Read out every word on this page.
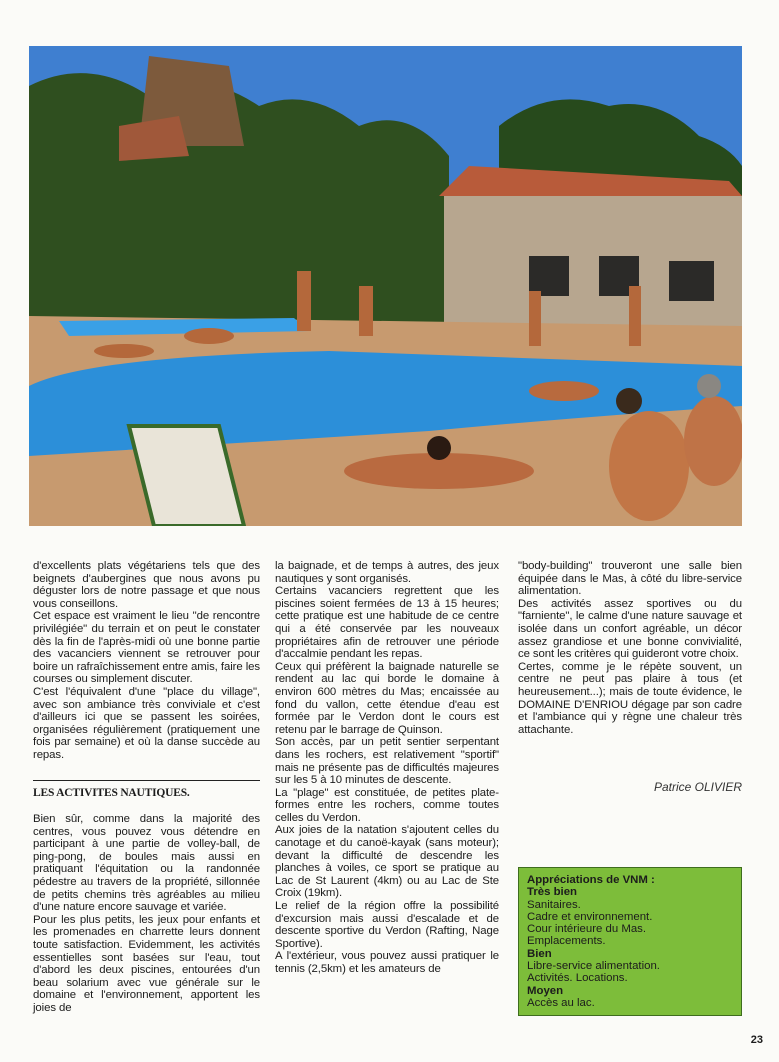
d'excellents plats végétariens tels que des beignets d'aubergines que nous avons pu déguster lors de notre passage et que nous vous conseillons.

Cet espace est vraiment le lieu "de rencontre privilégiée" du terrain et on peut le constater dès la fin de l'après-midi où une bonne partie des vacanciers viennent se retrouver pour boire un rafraîchissement entre amis, faire les courses ou simplement discuter.

C'est l'équivalent d'une "place du village", avec son ambiance très conviviale et c'est d'ailleurs ici que se passent les soirées, organisées régulièrement (pratiquement une fois par semaine) et où la danse succède au repas.

LES ACTIVITES NAUTIQUES.

Bien sûr, comme dans la majorité des centres, vous pouvez vous détendre en participant à une partie de volley-ball, de ping-pong, de boules mais aussi en pratiquant l'équitation ou la randonnée pédestre au travers de la propriété, sillonnée de petits chemins très agréables au milieu d'une nature encore sauvage et variée.

Pour les plus petits, les jeux pour enfants et les promenades en charrette leurs donnent toute satisfaction. Evidemment, les activités essentielles sont basées sur l'eau, tout d'abord les deux piscines, entourées d'un beau solarium avec vue générale sur le domaine et l'environnement, apportent les joies de

la baignade, et de temps à autres, des jeux nautiques y sont organisés.

Certains vacanciers regrettent que les piscines soient fermées de 13 à 15 heures; cette pratique est une habitude de ce centre qui a été conservée par les nouveaux propriétaires afin de retrouver une période d'accalmie pendant les repas.

Ceux qui préfèrent la baignade naturelle se rendent au lac qui borde le domaine à environ 600 mètres du Mas; encaissée au fond du vallon, cette étendue d'eau est formée par le Verdon dont le cours est retenu par le barrage de Quinson.

Son accès, par un petit sentier serpentant dans les rochers, est relativement "sportif" mais ne présente pas de difficultés majeures sur les 5 à 10 minutes de descente.

La "plage" est constituée, de petites plate-formes entre les rochers, comme toutes celles du Verdon.

Aux joies de la natation s'ajoutent celles du canotage et du canoë-kayak (sans moteur); devant la difficulté de descendre les planches à voiles, ce sport se pratique au Lac de St Laurent (4km) ou au Lac de Ste Croix (19km).

Le relief de la région offre la possibilité d'excursion mais aussi d'escalade et de descente sportive du Verdon (Rafting, Nage Sportive).

A l'extérieur, vous pouvez aussi pratiquer le tennis (2,5km) et les amateurs de

"body-building" trouveront une salle bien équipée dans le Mas, à côté du libre-service alimentation.

Des activités assez sportives ou du "farniente", le calme d'une nature sauvage et isolée dans un confort agréable, un décor assez grandiose et une bonne convivialité, ce sont les critères qui guideront votre choix.

Certes, comme je le répète souvent, un centre ne peut pas plaire à tous (et heureusement...); mais de toute évidence, le DOMAINE D'ENRIOU dégage par son cadre et l'ambiance qui y règne une chaleur très attachante.

Patrice OLIVIER
Appréciations de VNM :
Très bien
Sanitaires.
Cadre et environnement.
Cour intérieure du Mas.
Emplacements.
Bien
Libre-service alimentation.
Activités. Locations.
Moyen
Accès au lac.
23
